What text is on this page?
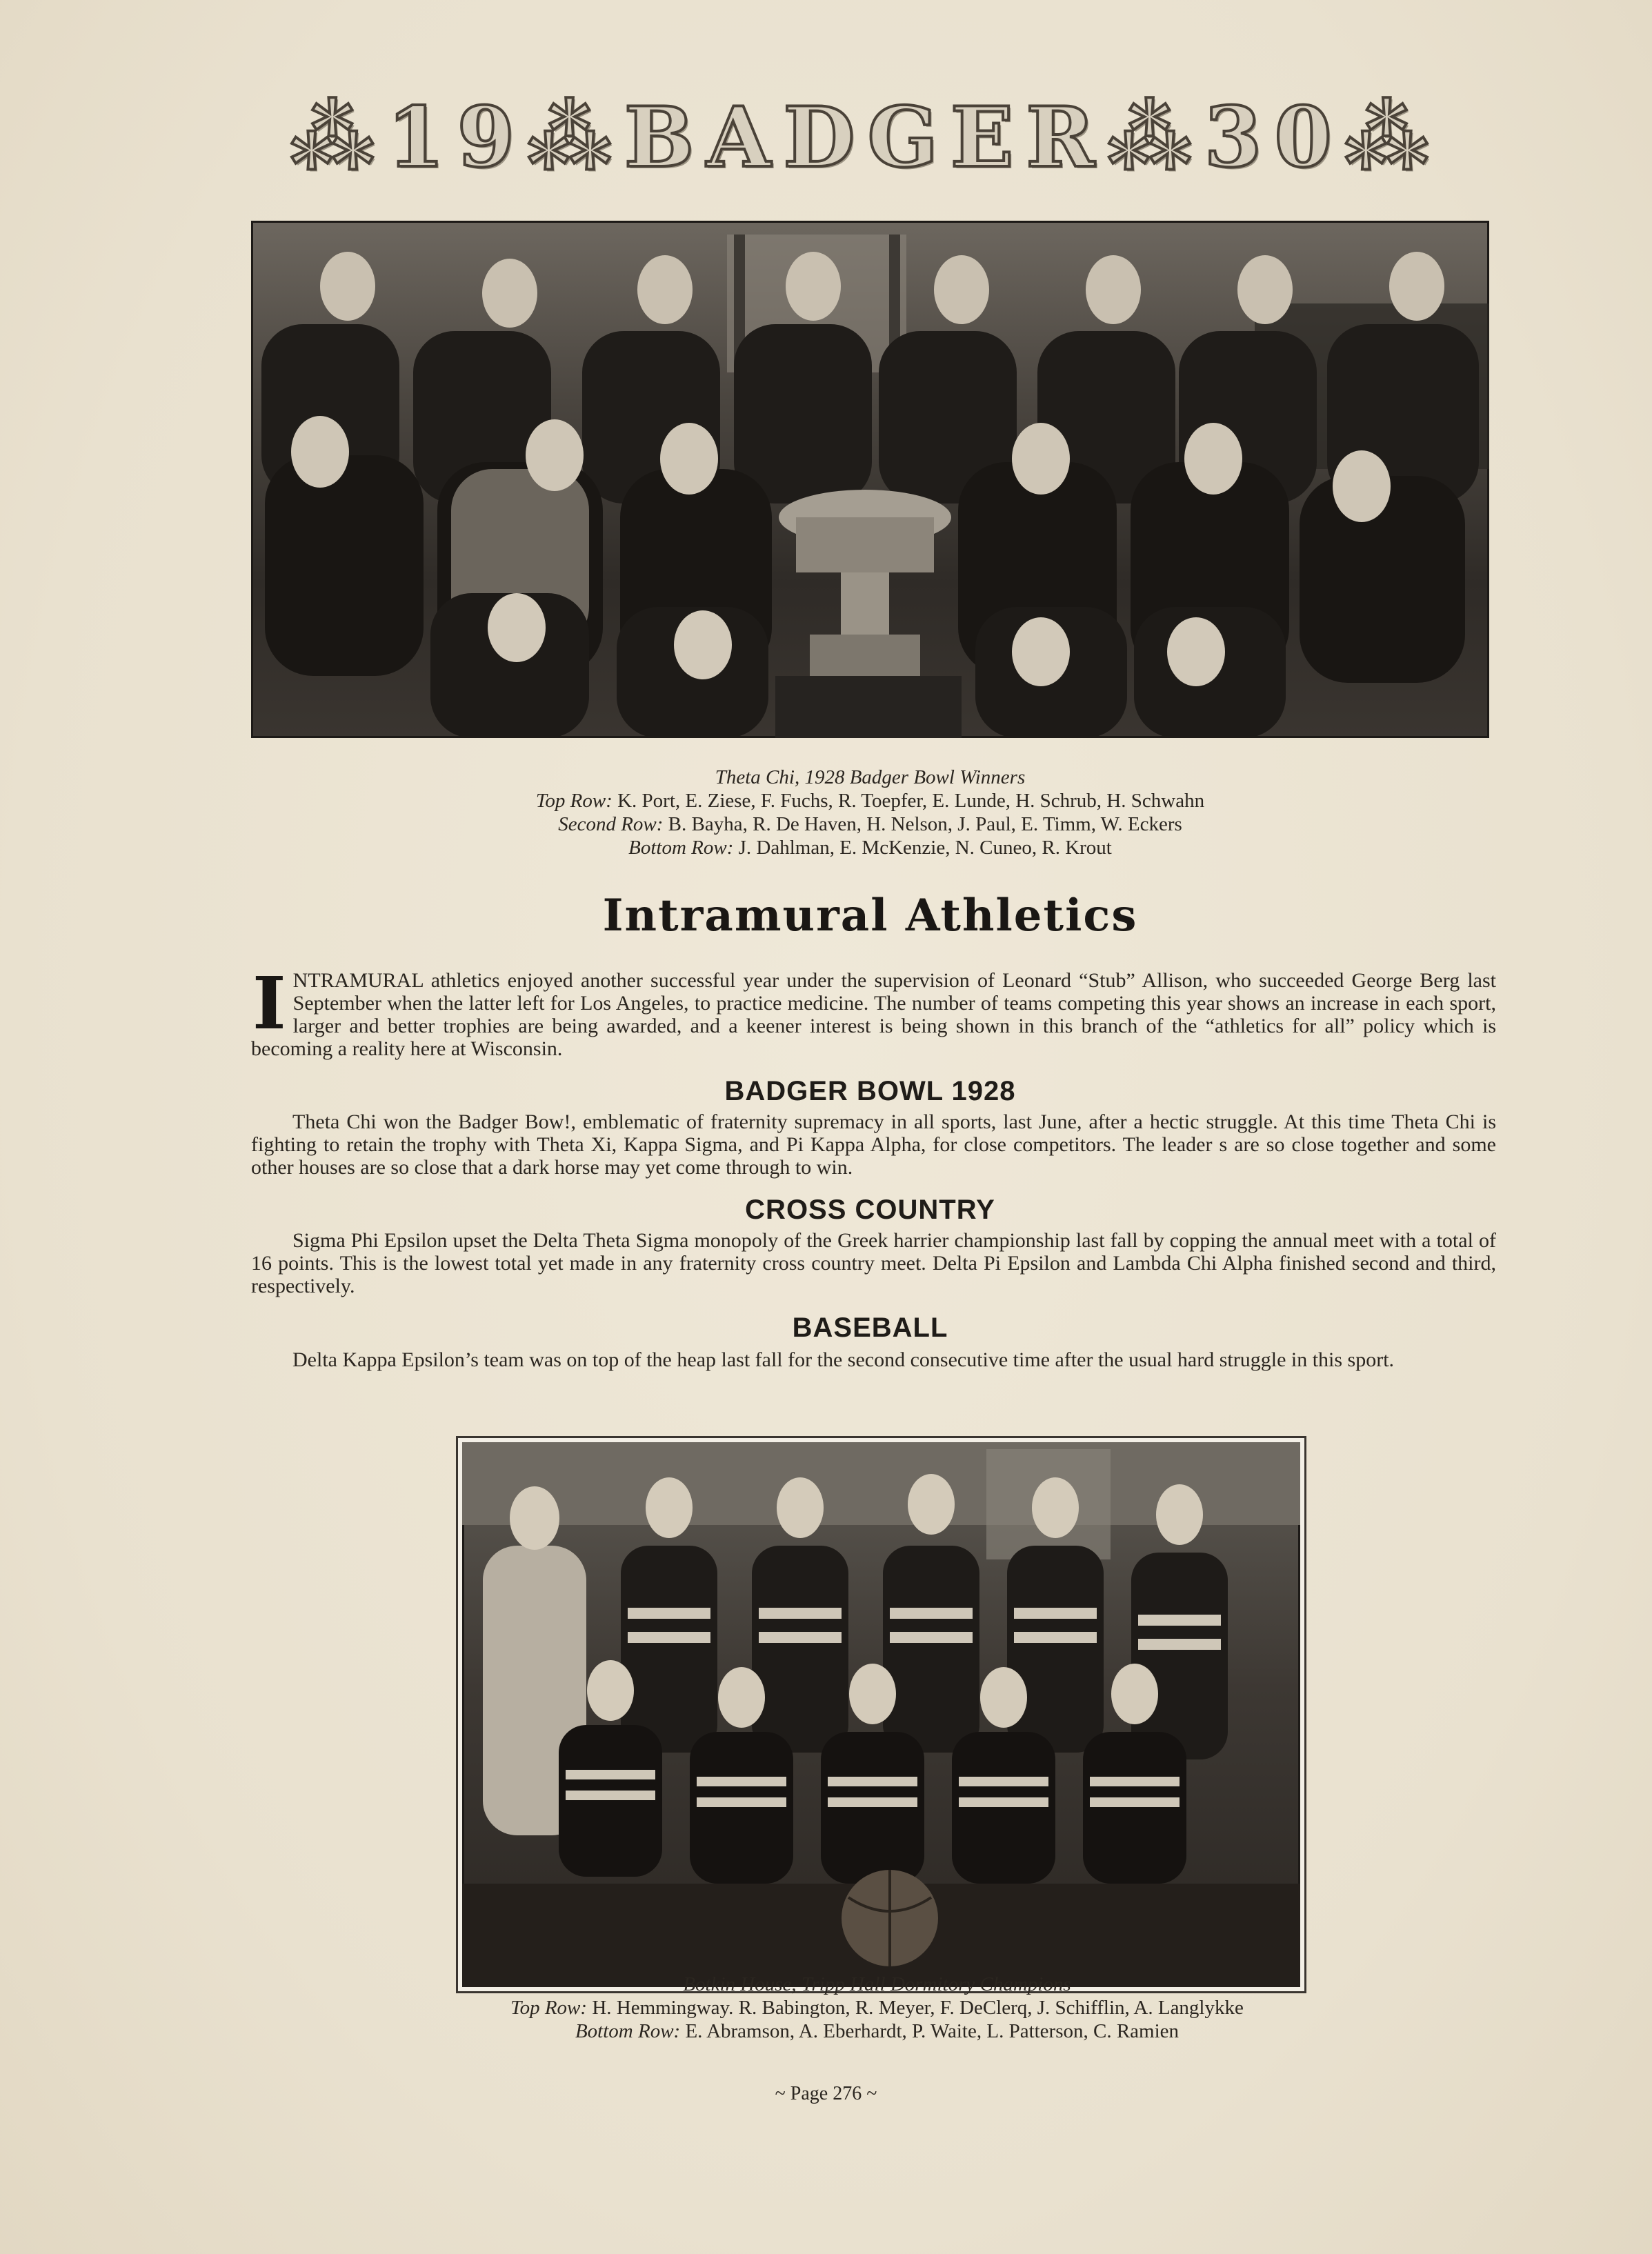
⁂19⁂BADGER⁂30⁂
Theta Chi, 1928 Badger Bowl Winners
Top Row: K. Port, E. Ziese, F. Fuchs, R. Toepfer, E. Lunde, H. Schrub, H. Schwahn
Second Row: B. Bayha, R. De Haven, H. Nelson, J. Paul, E. Timm, W. Eckers
Bottom Row: J. Dahlman, E. McKenzie, N. Cuneo, R. Krout
Intramural Athletics
INTRAMURAL athletics enjoyed another successful year under the supervision of Leonard “Stub” Allison, who succeeded George Berg last September when the latter left for Los Angeles, to practice medicine. The number of teams competing this year shows an increase in each sport, larger and better trophies are being awarded, and a keener interest is being shown in this branch of the “athletics for all” policy which is becoming a reality here at Wisconsin.
BADGER BOWL 1928
Theta Chi won the Badger Bow!, emblematic of fraternity supremacy in all sports, last June, after a hectic struggle. At this time Theta Chi is fighting to retain the trophy with Theta Xi, Kappa Sigma, and Pi Kappa Alpha, for close competitors. The leader s are so close together and some other houses are so close that a dark horse may yet come through to win.
CROSS COUNTRY
Sigma Phi Epsilon upset the Delta Theta Sigma monopoly of the Greek harrier championship last fall by copping the annual meet with a total of 16 points. This is the lowest total yet made in any fraternity cross country meet. Delta Pi Epsilon and Lambda Chi Alpha finished second and third, respectively.
BASEBALL
Delta Kappa Epsilon’s team was on top of the heap last fall for the second consecutive time after the usual hard struggle in this sport.
Botkin House, Tripp Hall Dormitory Champions
Top Row: H. Hemmingway. R. Babington, R. Meyer, F. DeClerq, J. Schifflin, A. Langlykke
Bottom Row: E. Abramson, A. Eberhardt, P. Waite, L. Patterson, C. Ramien
~ Page 276 ~
